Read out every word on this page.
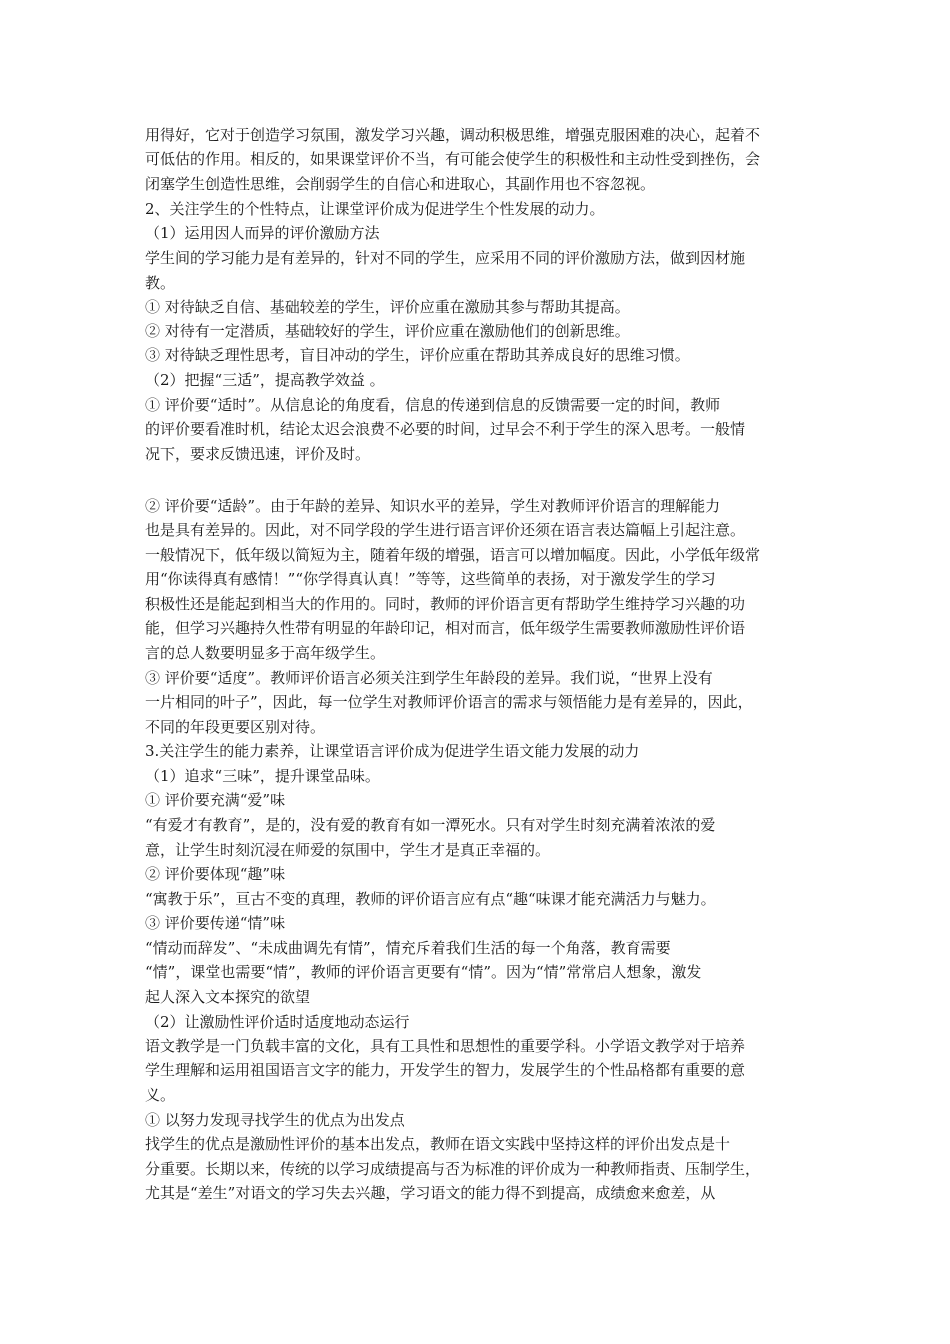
用得好，它对于创造学习氛围，激发学习兴趣，调动积极思维，增强克服困难的决心，起着不
可低估的作用。相反的，如果课堂评价不当，有可能会使学生的积极性和主动性受到挫伤，会
闭塞学生创造性思维，会削弱学生的自信心和进取心，其副作用也不容忽视。
2、关注学生的个性特点，让课堂评价成为促进学生个性发展的动力。
（1）运用因人而异的评价激励方法
学生间的学习能力是有差异的，针对不同的学生，应采用不同的评价激励方法，做到因材施
教。
① 对待缺乏自信、基础较差的学生，评价应重在激励其参与帮助其提高。
② 对待有一定潜质，基础较好的学生，评价应重在激励他们的创新思维。
③ 对待缺乏理性思考，盲目冲动的学生，评价应重在帮助其养成良好的思维习惯。
（2）把握“三适”，提高教学效益 。
① 评价要“适时”。从信息论的角度看，信息的传递到信息的反馈需要一定的时间，教师
的评价要看准时机，结论太迟会浪费不必要的时间，过早会不利于学生的深入思考。一般情
况下，要求反馈迅速，评价及时。
② 评价要“适龄”。由于年龄的差异、知识水平的差异，学生对教师评价语言的理解能力
也是具有差异的。因此，对不同学段的学生进行语言评价还须在语言表达篇幅上引起注意。
一般情况下，低年级以简短为主，随着年级的增强，语言可以增加幅度。因此，小学低年级常
用“你读得真有感情！”“你学得真认真！”等等，这些简单的表扬，对于激发学生的学习
积极性还是能起到相当大的作用的。同时，教师的评价语言更有帮助学生维持学习兴趣的功
能，但学习兴趣持久性带有明显的年龄印记，相对而言，低年级学生需要教师激励性评价语
言的总人数要明显多于高年级学生。
③ 评价要“适度”。教师评价语言必须关注到学生年龄段的差异。我们说，“世界上没有
一片相同的叶子”，因此，每一位学生对教师评价语言的需求与领悟能力是有差异的，因此，
不同的年段更要区别对待。
3.关注学生的能力素养，让课堂语言评价成为促进学生语文能力发展的动力
（1）追求“三味”，提升课堂品味。
① 评价要充满“爱”味
“有爱才有教育”，是的，没有爱的教育有如一潭死水。只有对学生时刻充满着浓浓的爱
意，让学生时刻沉浸在师爱的氛围中，学生才是真正幸福的。
② 评价要体现“趣”味
“寓教于乐”，亘古不变的真理，教师的评价语言应有点“趣“味课才能充满活力与魅力。
③ 评价要传递“情”味
“情动而辞发”、“未成曲调先有情”，情充斥着我们生活的每一个角落，教育需要
“情”，课堂也需要“情”，教师的评价语言更要有“情”。因为“情”常常启人想象，激发
起人深入文本探究的欲望
（2）让激励性评价适时适度地动态运行
语文教学是一门负载丰富的文化，具有工具性和思想性的重要学科。小学语文教学对于培养
学生理解和运用祖国语言文字的能力，开发学生的智力，发展学生的个性品格都有重要的意
义。
① 以努力发现寻找学生的优点为出发点
找学生的优点是激励性评价的基本出发点，教师在语文实践中坚持这样的评价出发点是十
分重要。长期以来，传统的以学习成绩提高与否为标准的评价成为一种教师指责、压制学生，
尤其是“差生”对语文的学习失去兴趣，学习语文的能力得不到提高，成绩愈来愈差，从
